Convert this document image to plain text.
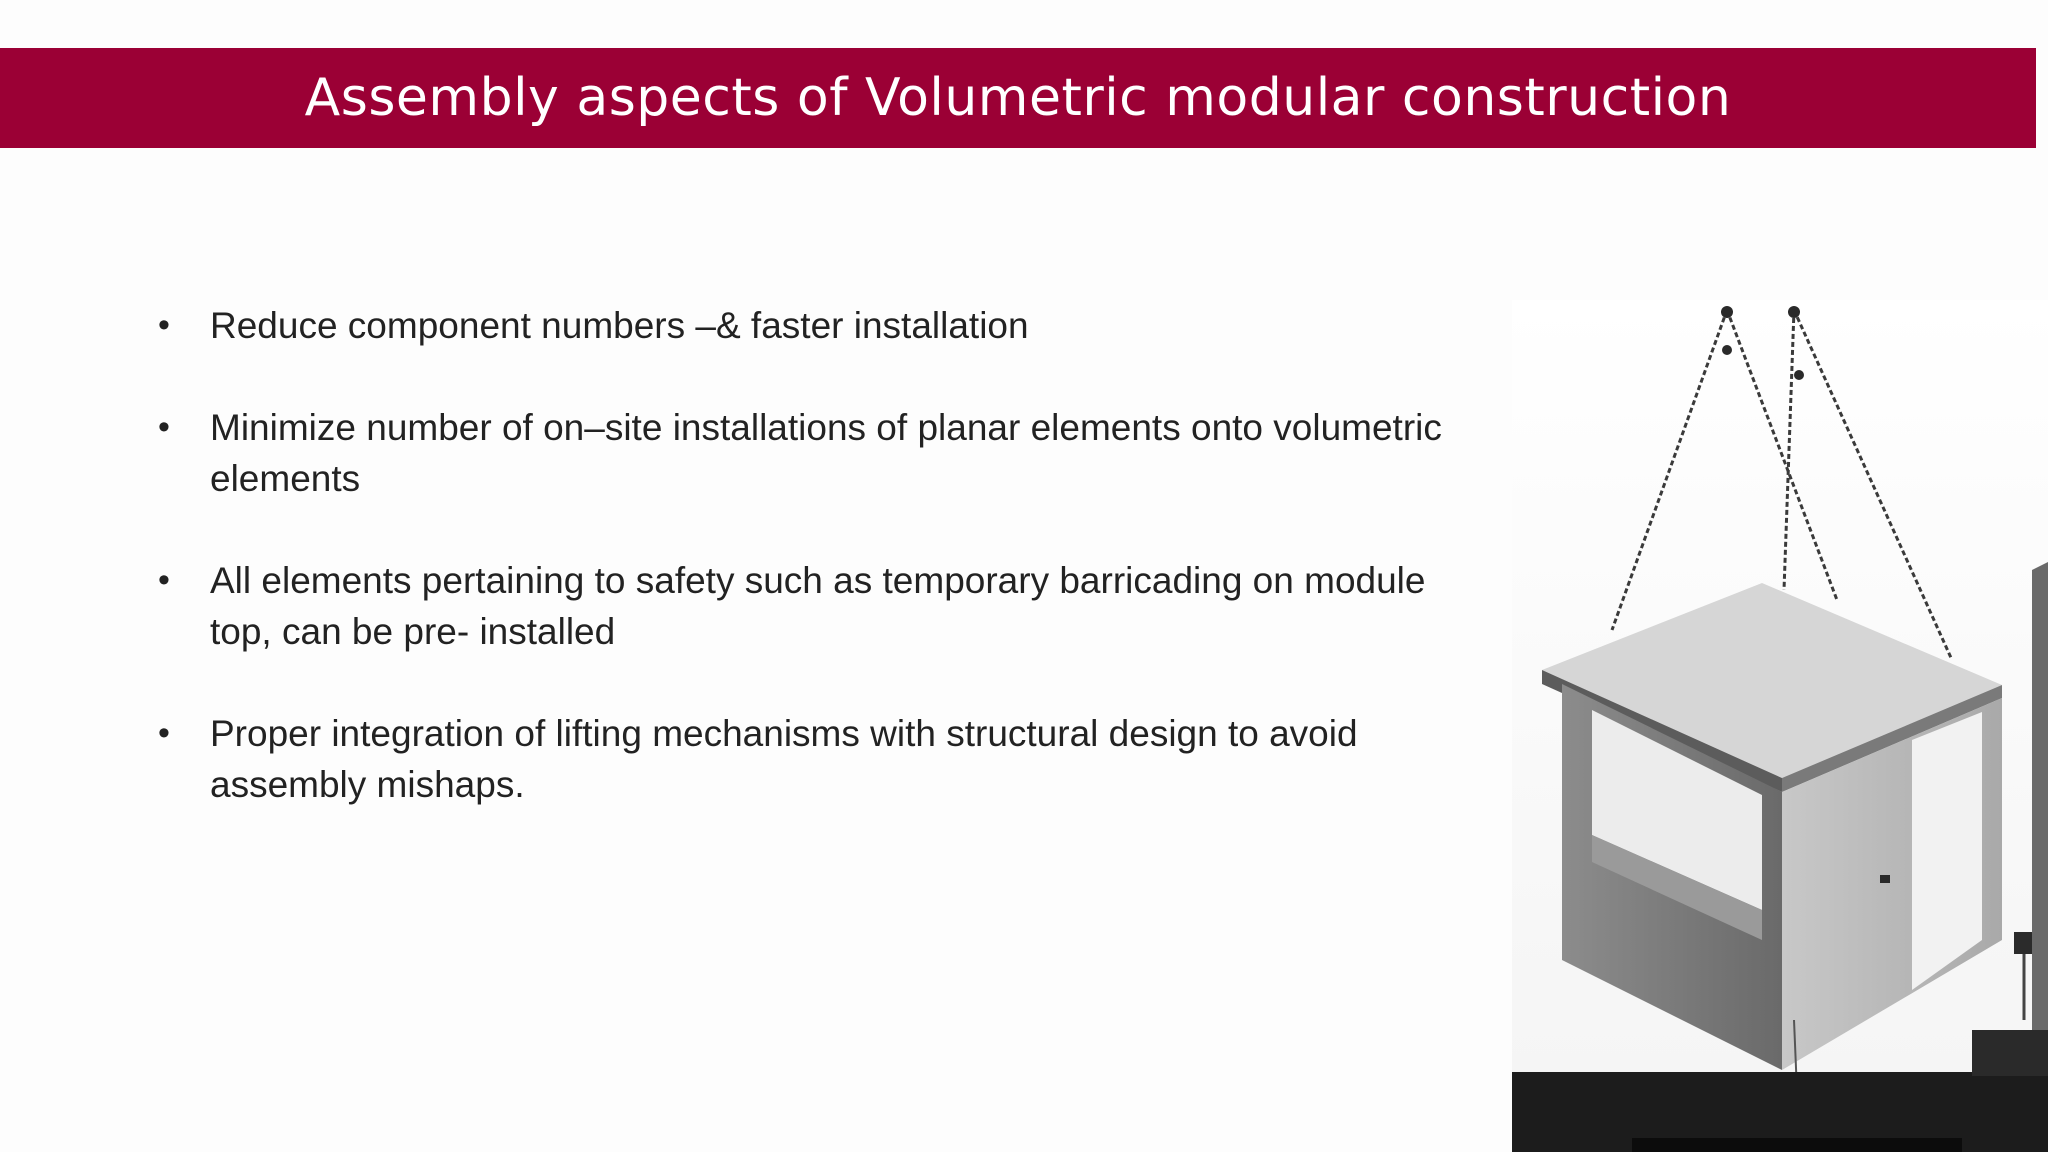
Assembly aspects of Volumetric modular construction
• Reduce component numbers –& faster installation
• Minimize number of on–site installations of planar elements onto volumetric elements
• All elements pertaining to safety such as temporary barricading on module top, can be pre- installed
• Proper integration of lifting mechanisms with structural design to avoid assembly mishaps.
